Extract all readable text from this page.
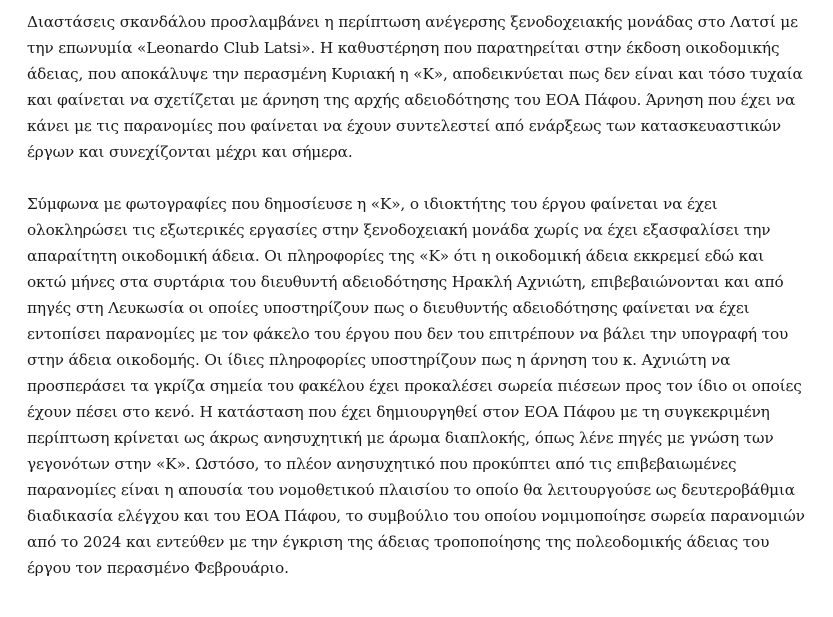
Διαστάσεις σκανδάλου προσλαμβάνει η περίπτωση ανέγερσης ξενοδοχειακής μονάδας στο Λατσί με την επωνυμία «Leonardo Club Latsi». Η καθυστέρηση που παρατηρείται στην έκδοση οικοδομικής άδειας, που αποκάλυψε την περασμένη Κυριακή η «Κ», αποδεικνύεται πως δεν είναι και τόσο τυχαία και φαίνεται να σχετίζεται με άρνηση της αρχής αδειοδότησης του ΕΟΑ Πάφου. Άρνηση που έχει να κάνει με τις παρανομίες που φαίνεται να έχουν συντελεστεί από ενάρξεως των κατασκευαστικών έργων και συνεχίζονται μέχρι και σήμερα.

Σύμφωνα με φωτογραφίες που δημοσίευσε η «Κ», ο ιδιοκτήτης του έργου φαίνεται να έχει ολοκληρώσει τις εξωτερικές εργασίες στην ξενοδοχειακή μονάδα χωρίς να έχει εξασφαλίσει την απαραίτητη οικοδομική άδεια. Οι πληροφορίες της «Κ» ότι η οικοδομική άδεια εκκρεμεί εδώ και οκτώ μήνες στα συρτάρια του διευθυντή αδειοδότησης Ηρακλή Αχνιώτη, επιβεβαιώνονται και από πηγές στη Λευκωσία οι οποίες υποστηρίζουν πως ο διευθυντής αδειοδότησης φαίνεται να έχει εντοπίσει παρανομίες με τον φάκελο του έργου που δεν του επιτρέπουν να βάλει την υπογραφή του στην άδεια οικοδομής. Οι ίδιες πληροφορίες υποστηρίζουν πως η άρνηση του κ. Αχνιώτη να προσπεράσει τα γκρίζα σημεία του φακέλου έχει προκαλέσει σωρεία πιέσεων προς τον ίδιο οι οποίες έχουν πέσει στο κενό. Η κατάσταση που έχει δημιουργηθεί στον ΕΟΑ Πάφου με τη συγκεκριμένη περίπτωση κρίνεται ως άκρως ανησυχητική με άρωμα διαπλοκής, όπως λένε πηγές με γνώση των γεγονότων στην «Κ». Ωστόσο, το πλέον ανησυχητικό που προκύπτει από τις επιβεβαιωμένες παρανομίες είναι η απουσία του νομοθετικού πλαισίου το οποίο θα λειτουργούσε ως δευτεροβάθμια διαδικασία ελέγχου και του ΕΟΑ Πάφου, το συμβούλιο του οποίου νομιμοποίησε σωρεία παρανομιών από το 2024 και εντεύθεν με την έγκριση της άδειας τροποποίησης της πολεοδομικής άδειας του έργου τον περασμένο Φεβρουάριο.
